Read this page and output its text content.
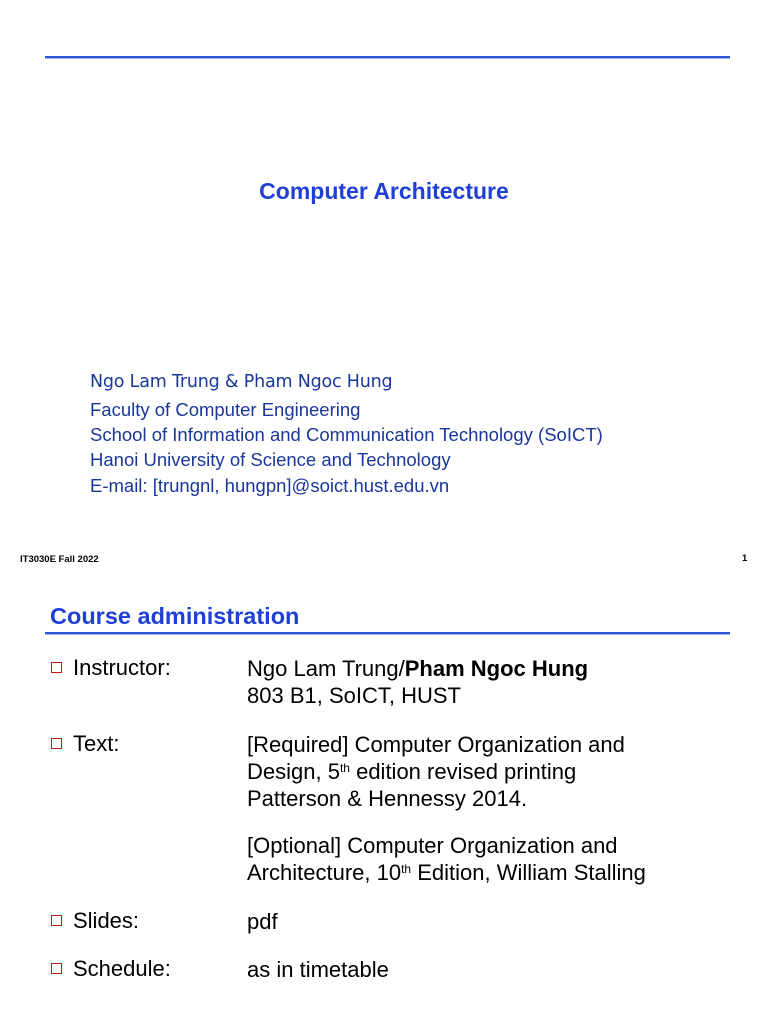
Computer Architecture
Ngo Lam Trung & Pham Ngoc Hung
Faculty of Computer Engineering
School of Information and Communication Technology (SoICT)
Hanoi University of Science and Technology
E-mail: [trungnl, hungpn]@soict.hust.edu.vn
IT3030E Fall 2022	1
Course administration
Instructor:	Ngo Lam Trung/Pham Ngoc Hung
803 B1, SoICT, HUST
Text:	[Required] Computer Organization and
Design, 5th edition revised printing
Patterson & Hennessy 2014.
[Optional] Computer Organization and
Architecture, 10th Edition, William Stalling
Slides:	pdf
Schedule:	as in timetable
